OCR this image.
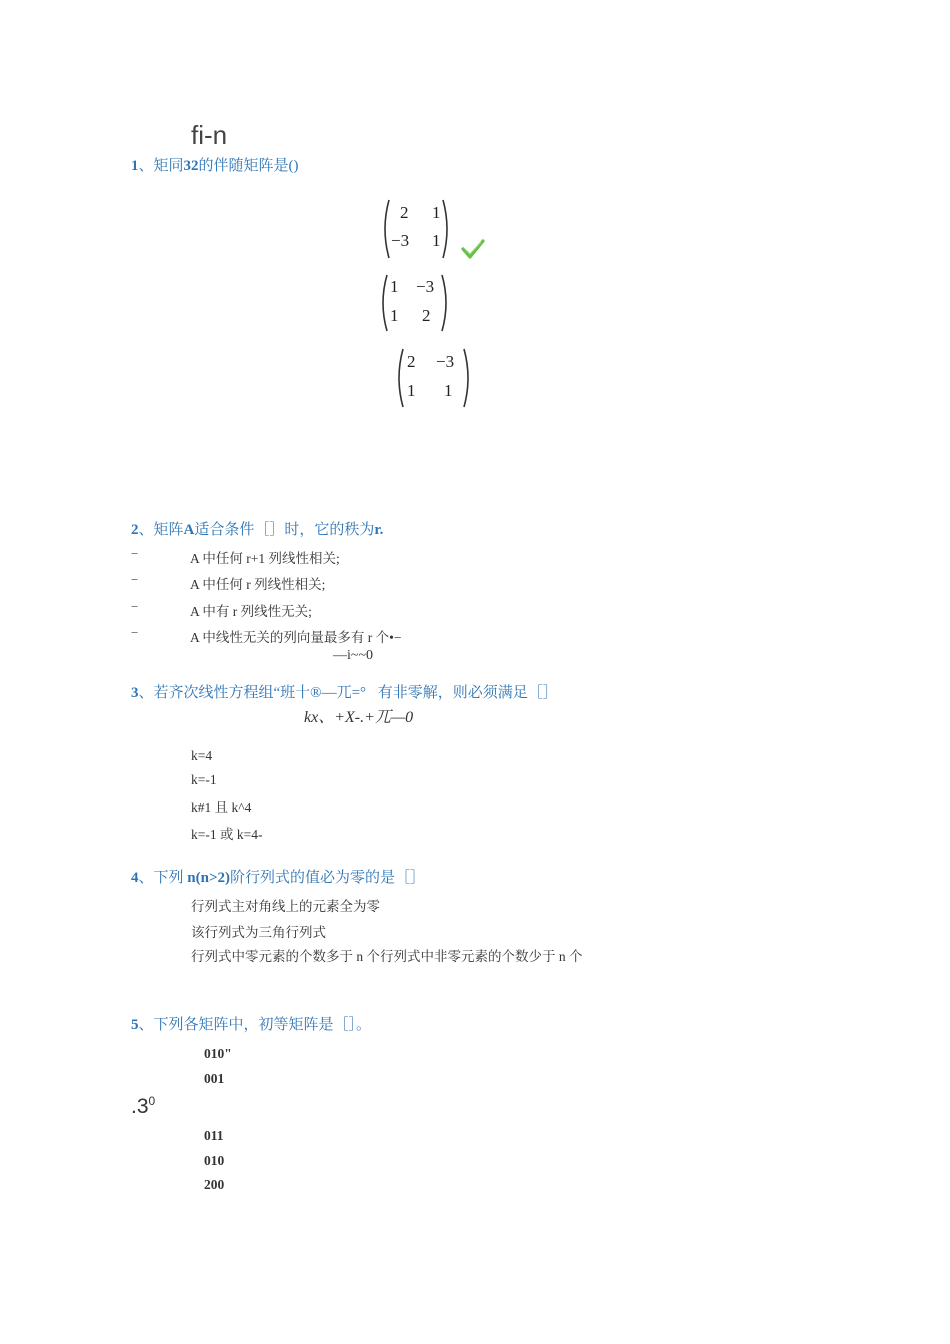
fi-n
1、矩同32的伴随矩阵是()
2 1
−3 1
1 −3
1 2
2 −3
1 1
2、矩阵A适合条件［］时，它的秩为r.
−	A 中任何 r+1 列线性相关;
−	A 中任何 r 列线性相关;
−	A 中有 r 列线性无关;
−	A 中线性无关的列向量最多有 r 个•−
—i~~0
3、若齐次线性方程组“班十®—兀=° 有非零解，则必须满足［］
kx、+X-.+兀—0
k=4
k=-1
k#1 且 k^4
k=-1 或 k=4-
4、下列 n(n>2)阶行列式的值必为零的是［］
行列式主对角线上的元素全为零
该行列式为三角行列式
行列式中零元素的个数多于 n 个行列式中非零元素的个数少于 n 个
5、下列各矩阵中，初等矩阵是［］。
010"
001
$.3^0$
011
010
200
